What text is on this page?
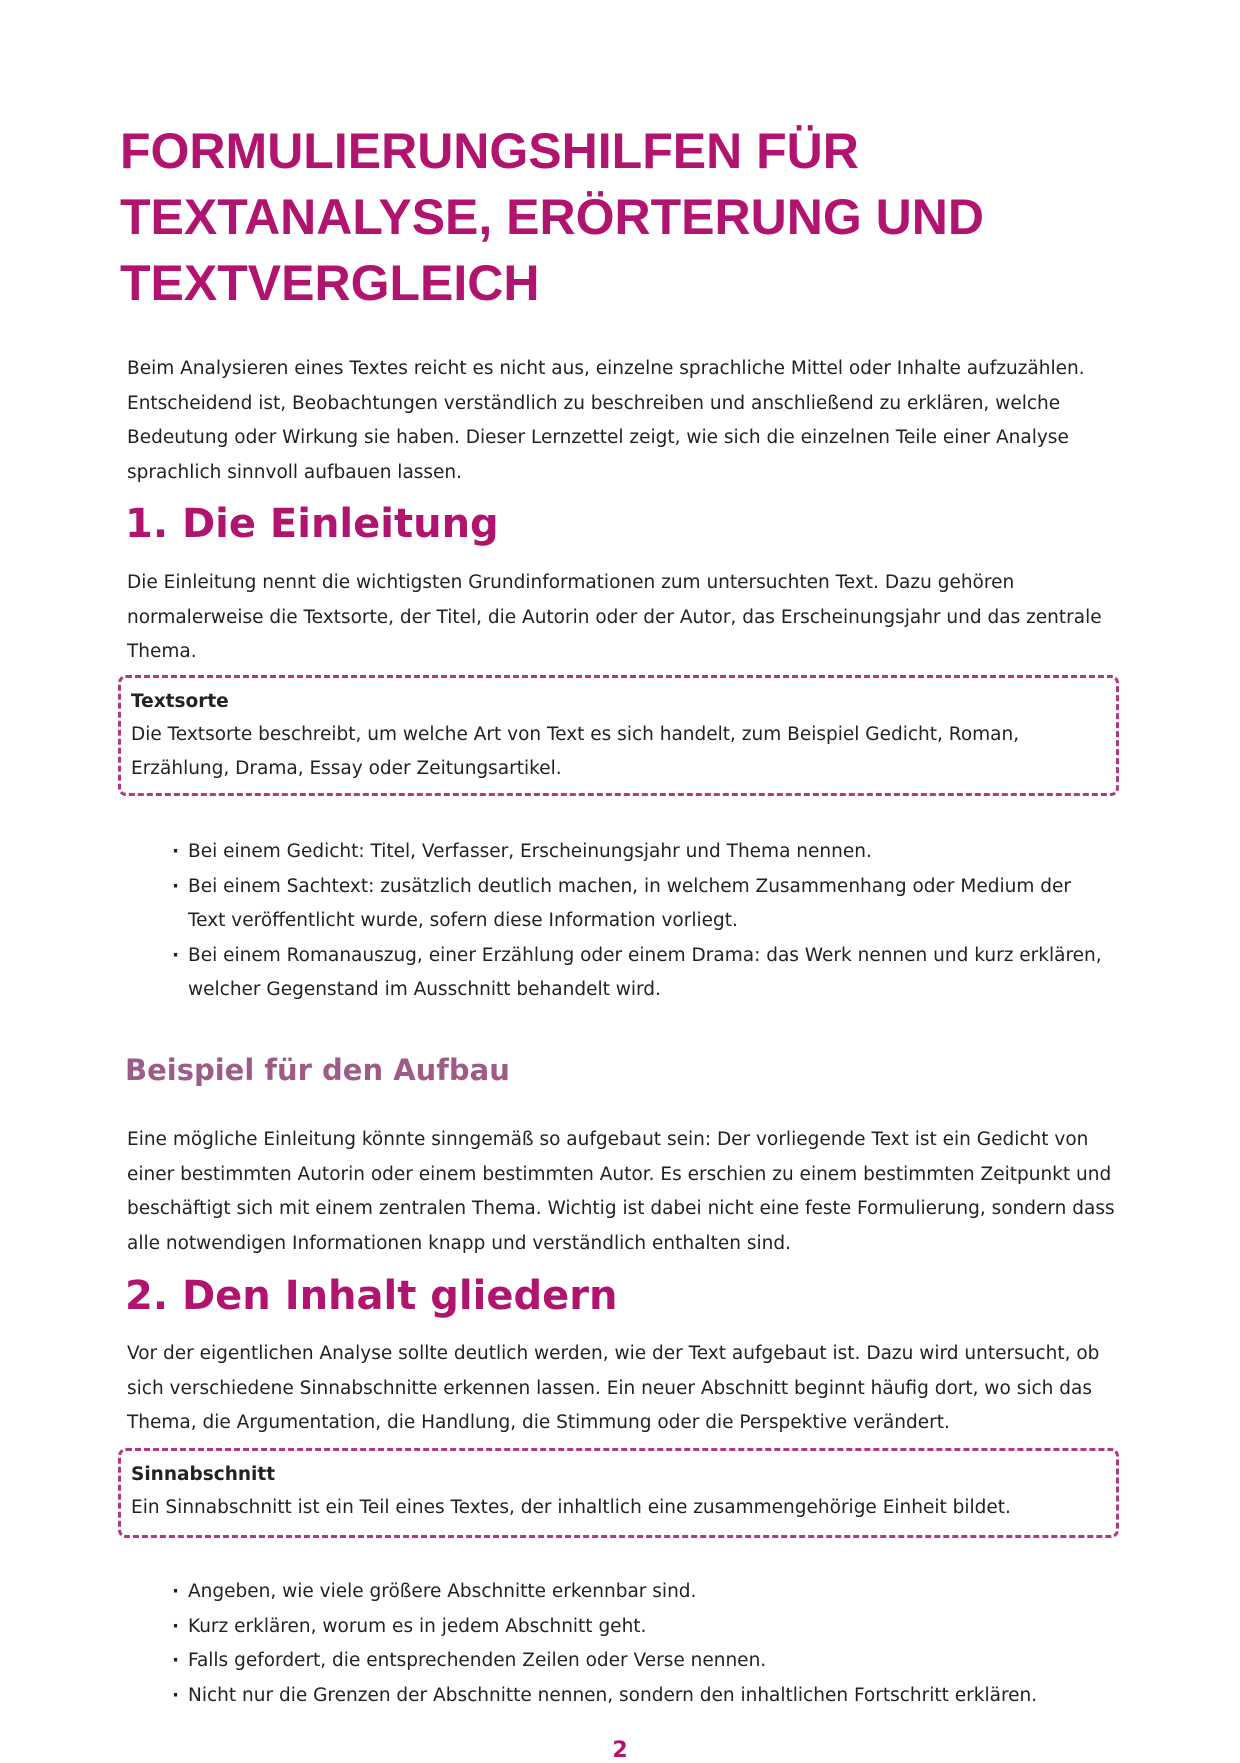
FORMULIERUNGSHILFEN FÜR
TEXTANALYSE, ERÖRTERUNG UND
TEXTVERGLEICH

Beim Analysieren eines Textes reicht es nicht aus, einzelne sprachliche Mittel oder Inhalte aufzuzählen. Entscheidend ist, Beobachtungen verständlich zu beschreiben und anschließend zu erklären, welche Bedeutung oder Wirkung sie haben. Dieser Lernzettel zeigt, wie sich die einzelnen Teile einer Analyse sprachlich sinnvoll aufbauen lassen.

1. Die Einleitung

Die Einleitung nennt die wichtigsten Grundinformationen zum untersuchten Text. Dazu gehören normalerweise die Textsorte, der Titel, die Autorin oder der Autor, das Erscheinungsjahr und das zentrale Thema.

Textsorte

Die Textsorte beschreibt, um welche Art von Text es sich handelt, zum Beispiel Gedicht, Roman, Erzählung, Drama, Essay oder Zeitungsartikel.

· Bei einem Gedicht: Titel, Verfasser, Erscheinungsjahr und Thema nennen.
· Bei einem Sachtext: zusätzlich deutlich machen, in welchem Zusammenhang oder Medium der Text veröffentlicht wurde, sofern diese Information vorliegt.
· Bei einem Romanauszug, einer Erzählung oder einem Drama: das Werk nennen und kurz erklären, welcher Gegenstand im Ausschnitt behandelt wird.
Beispiel für den Aufbau

Eine mögliche Einleitung könnte sinngemäß so aufgebaut sein: Der vorliegende Text ist ein Gedicht von einer bestimmten Autorin oder einem bestimmten Autor. Es erschien zu einem bestimmten Zeitpunkt und beschäftigt sich mit einem zentralen Thema. Wichtig ist dabei nicht eine feste Formulierung, sondern dass alle notwendigen Informationen knapp und verständlich enthalten sind.

2. Den Inhalt gliedern

Vor der eigentlichen Analyse sollte deutlich werden, wie der Text aufgebaut ist. Dazu wird untersucht, ob sich verschiedene Sinnabschnitte erkennen lassen. Ein neuer Abschnitt beginnt häufig dort, wo sich das Thema, die Argumentation, die Handlung, die Stimmung oder die Perspektive verändert.

Sinnabschnitt

Ein Sinnabschnitt ist ein Teil eines Textes, der inhaltlich eine zusammengehörige Einheit bildet.

· Angeben, wie viele größere Abschnitte erkennbar sind.
· Kurz erklären, worum es in jedem Abschnitt geht.
· Falls gefordert, die entsprechenden Zeilen oder Verse nennen.
· Nicht nur die Grenzen der Abschnitte nennen, sondern den inhaltlichen Fortschritt erklären.
2
